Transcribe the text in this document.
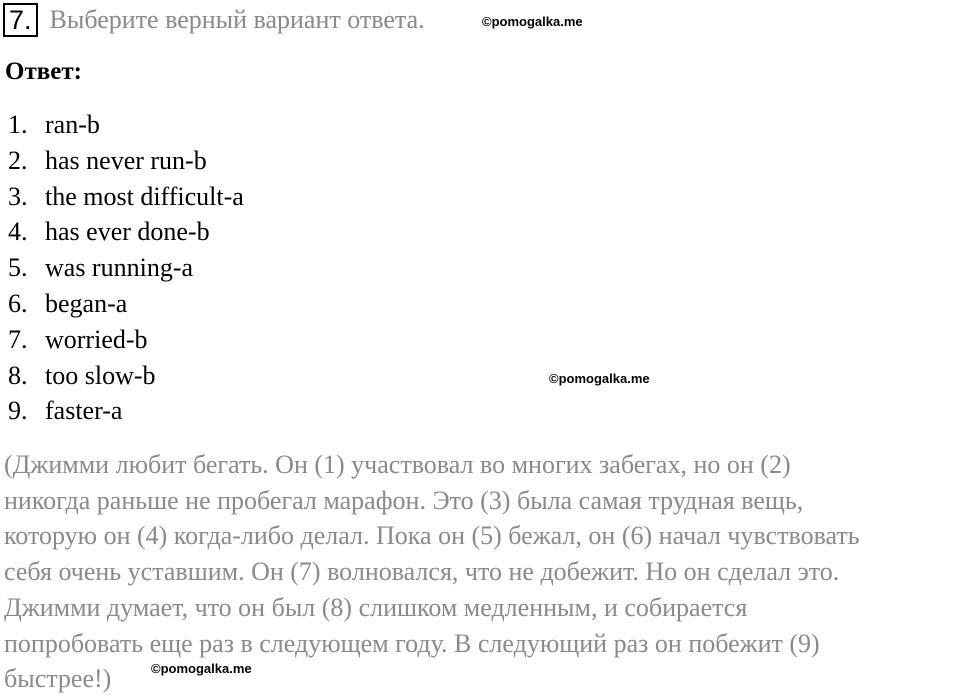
7. Выберите верный вариант ответа.	©pomogalka.me
Ответ:
1. ran-b
2. has never run-b
3. the most difficult-a
4. has ever done-b
5. was running-a
6. began-a
7. worried-b
8. too slow-b
9. faster-a
©pomogalka.me

(Джимми любит бегать. Он (1) участвовал во многих забегах, но он (2)
никогда раньше не пробегал марафон. Это (3) была самая трудная вещь,
которую он (4) когда-либо делал. Пока он (5) бежал, он (6) начал чувствовать
себя очень уставшим. Он (7) волновался, что не добежит. Но он сделал это.
Джимми думает, что он был (8) слишком медленным, и собирается
попробовать еще раз в следующем году. В следующий раз он побежит (9)
быстрее!)	©pomogalka.me
